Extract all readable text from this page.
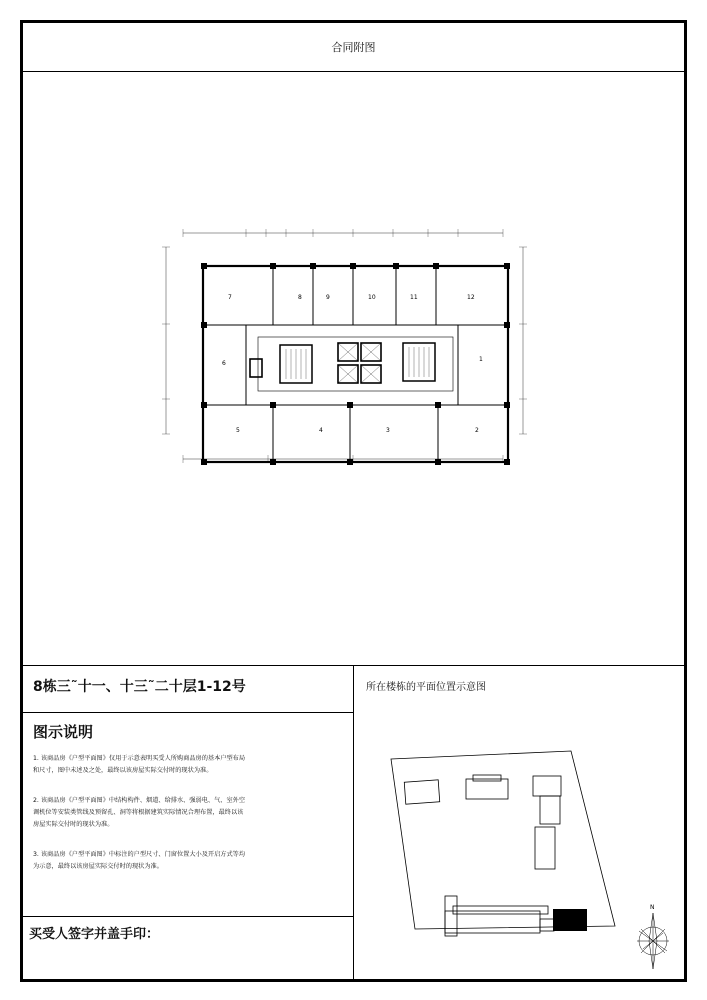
合同附图
7	8	9	10	11	12
6
1
5	4	3	2
8栋三˜十一、十三˜二十层1-12号	所在楼栋的平面位置示意图
图示说明
1. 该商品房《户型平面图》仅用于示意表明买受人所购商品房的基本户型布局
和尺寸，图中未述及之处，最终以该房屋实际交付时的现状为准。
2. 该商品房《户型平面图》中结构构件、烟道、给排水、强弱电、气、室外空
调机位等安装类管线及预留孔、洞等将根据建筑实际情况合理布置，最终以该
房屋实际交付时的现状为准。
3. 该商品房《户型平面图》中标注的户型尺寸、门窗位置大小及开启方式等均
为示意，最终以该房屋实际交付时的现状为准。
买受人签字并盖手印：
N
